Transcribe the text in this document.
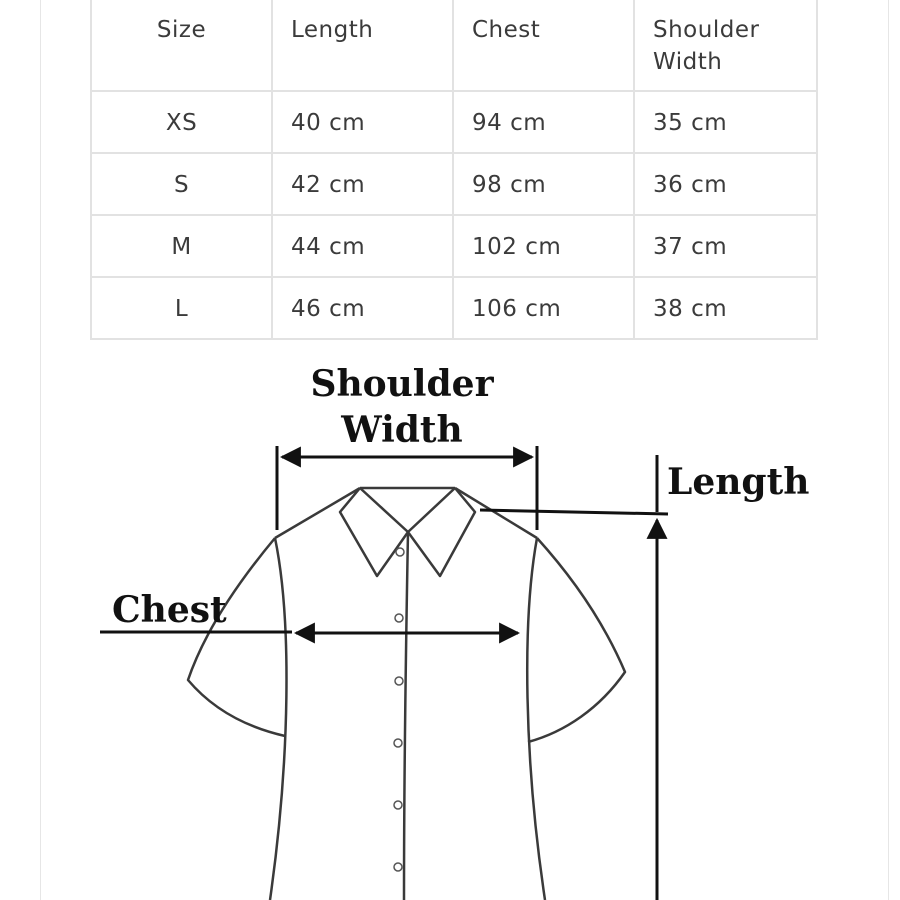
Size	Length	Chest	Shoulder
Width

XS	40 cm	94 cm	35 cm
S	42 cm	98 cm	36 cm
M	44 cm	102 cm	37 cm
L	46 cm	106 cm	38 cm
Shoulder
Width
Length
Chest
